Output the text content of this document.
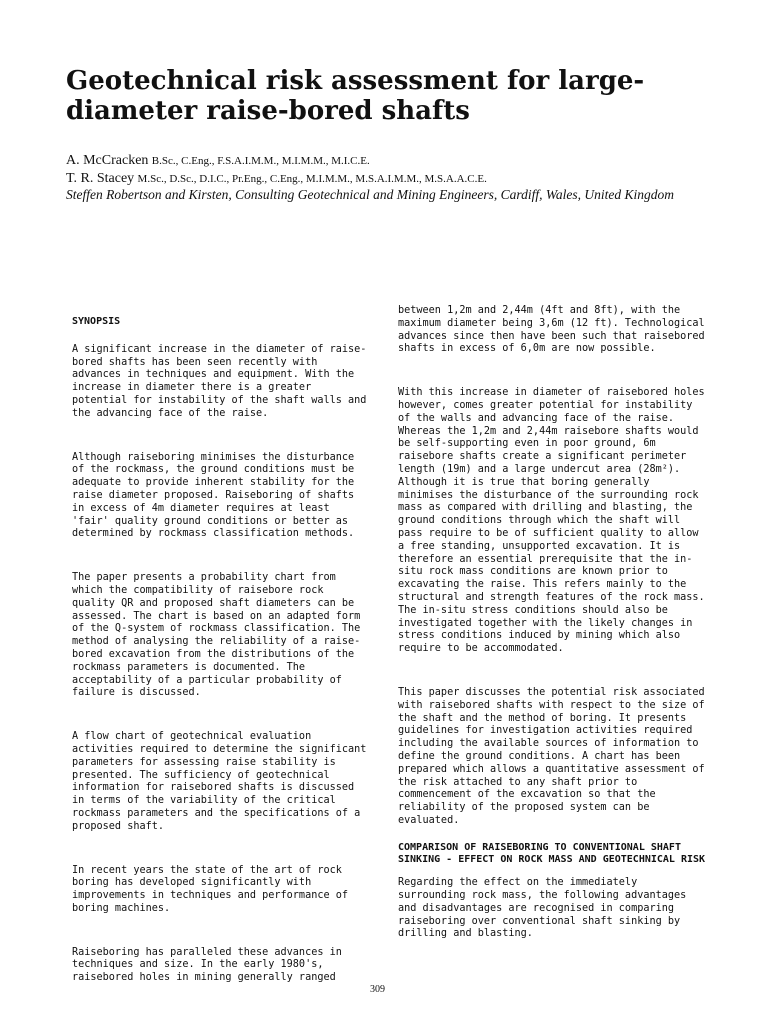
Geotechnical risk assessment for large-diameter raise-bored shafts
A. McCracken B.Sc., C.Eng., F.S.A.I.M.M., M.I.M.M., M.I.C.E.
T. R. Stacey M.Sc., D.Sc., D.I.C., Pr.Eng., C.Eng., M.I.M.M., M.S.A.I.M.M., M.S.A.A.C.E.
Steffen Robertson and Kirsten, Consulting Geotechnical and Mining Engineers, Cardiff, Wales, United Kingdom

SYNOPSIS

A significant increase in the diameter of raise-bored shafts has been seen recently with advances in techniques and equipment. With the increase in diameter there is a greater potential for instability of the shaft walls and the advancing face of the raise.

Although raiseboring minimises the disturbance of the rockmass, the ground conditions must be adequate to provide inherent stability for the raise diameter proposed. Raiseboring of shafts in excess of 4m diameter requires at least 'fair' quality ground conditions or better as determined by rockmass classification methods.

The paper presents a probability chart from which the compatibility of raisebore rock quality QR and proposed shaft diameters can be assessed. The chart is based on an adapted form of the Q-system of rockmass classification. The method of analysing the reliability of a raise-bored excavation from the distributions of the rockmass parameters is documented. The acceptability of a particular probability of failure is discussed.

A flow chart of geotechnical evaluation activities required to determine the significant parameters for assessing raise stability is presented. The sufficiency of geotechnical information for raisebored shafts is discussed in terms of the variability of the critical rockmass parameters and the specifications of a proposed shaft.

In recent years the state of the art of rock boring has developed significantly with improvements in techniques and performance of boring machines.

Raiseboring has paralleled these advances in techniques and size. In the early 1980's, raisebored holes in mining generally ranged

between 1,2m and 2,44m (4ft and 8ft), with the maximum diameter being 3,6m (12 ft). Technological advances since then have been such that raisebored shafts in excess of 6,0m are now possible.

With this increase in diameter of raisebored holes however, comes greater potential for instability of the walls and advancing face of the raise. Whereas the 1,2m and 2,44m raisebore shafts would be self-supporting even in poor ground, 6m raisebore shafts create a significant perimeter length (19m) and a large undercut area (28m²). Although it is true that boring generally minimises the disturbance of the surrounding rock mass as compared with drilling and blasting, the ground conditions through which the shaft will pass require to be of sufficient quality to allow a free standing, unsupported excavation. It is therefore an essential prerequisite that the in-situ rock mass conditions are known prior to excavating the raise. This refers mainly to the structural and strength features of the rock mass. The in-situ stress conditions should also be investigated together with the likely changes in stress conditions induced by mining which also require to be accommodated.

This paper discusses the potential risk associated with raisebored shafts with respect to the size of the shaft and the method of boring. It presents guidelines for investigation activities required including the available sources of information to define the ground conditions. A chart has been prepared which allows a quantitative assessment of the risk attached to any shaft prior to commencement of the excavation so that the reliability of the proposed system can be evaluated.

COMPARISON OF RAISEBORING TO CONVENTIONAL SHAFT SINKING - EFFECT ON ROCK MASS AND GEOTECHNICAL RISK

Regarding the effect on the immediately surrounding rock mass, the following advantages and disadvantages are recognised in comparing raiseboring over conventional shaft sinking by drilling and blasting.

309
